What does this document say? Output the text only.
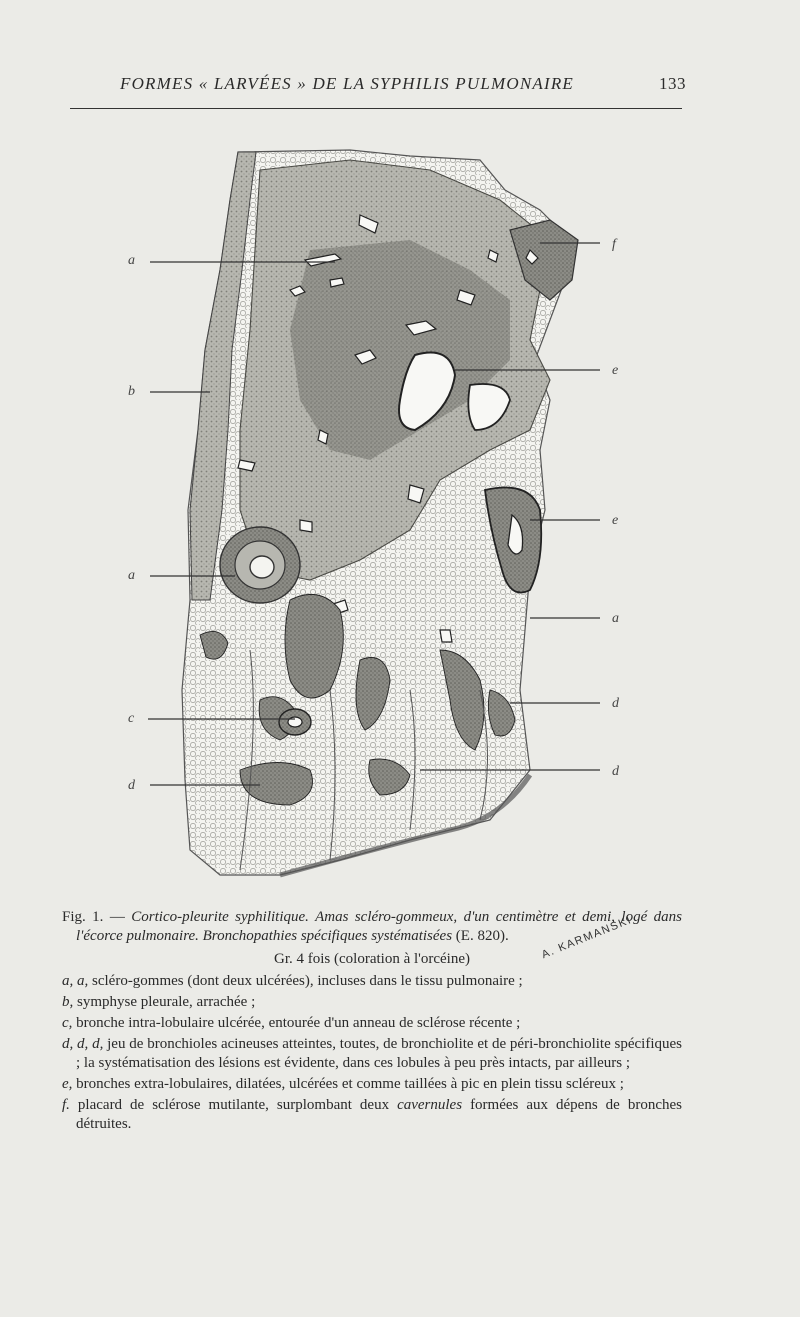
FORMES « LARVÉES » DE LA SYPHILIS PULMONAIRE	133
a
b
a
c
d
f
e
e
a
d
d
A. KARMANSKI

Fig. 1. — Cortico-pleurite syphilitique. Amas scléro-gommeux, d'un centimètre et demi, logé dans l'écorce pulmonaire. Bronchopathies spécifiques systématisées (E. 820).

Gr. 4 fois (coloration à l'orcéine)

a, a, scléro-gommes (dont deux ulcérées), incluses dans le tissu pulmonaire ;

b, symphyse pleurale, arrachée ;

c, bronche intra-lobulaire ulcérée, entourée d'un anneau de sclérose récente ;

d, d, d, jeu de bronchioles acineuses atteintes, toutes, de bronchiolite et de péri-bronchiolite spécifiques ; la systématisation des lésions est évidente, dans ces lobules à peu près intacts, par ailleurs ;

e, bronches extra-lobulaires, dilatées, ulcérées et comme taillées à pic en plein tissu scléreux ;

f. placard de sclérose mutilante, surplombant deux cavernules formées aux dépens de bronches détruites.
